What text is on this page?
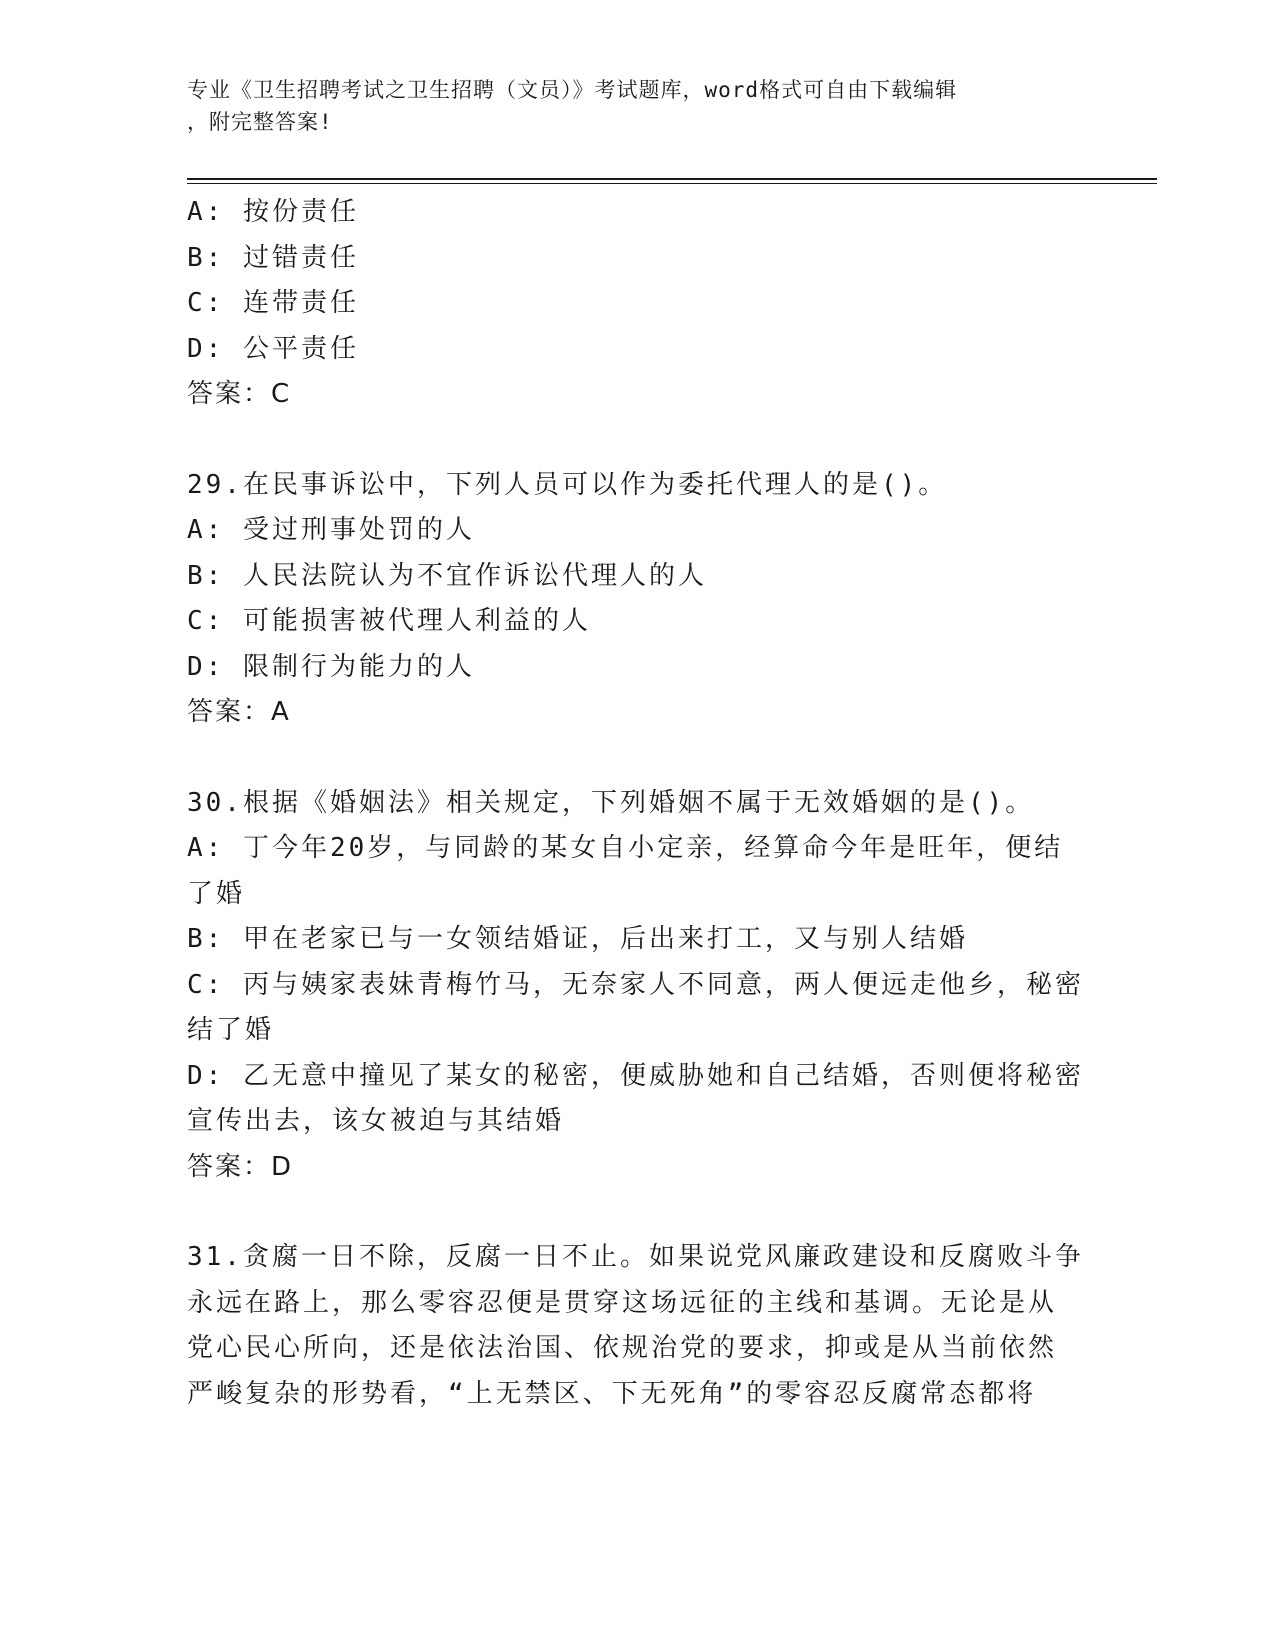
专业《卫生招聘考试之卫生招聘（文员）》考试题库，word格式可自由下载编辑
，附完整答案!
A: 按份责任
B: 过错责任
C: 连带责任
D: 公平责任
答案：C
29.在民事诉讼中，下列人员可以作为委托代理人的是()。
A: 受过刑事处罚的人
B: 人民法院认为不宜作诉讼代理人的人
C: 可能损害被代理人利益的人
D: 限制行为能力的人
答案：A
30.根据《婚姻法》相关规定，下列婚姻不属于无效婚姻的是()。
A: 丁今年20岁，与同龄的某女自小定亲，经算命今年是旺年，便结
了婚
B: 甲在老家已与一女领结婚证，后出来打工，又与别人结婚
C: 丙与姨家表妹青梅竹马，无奈家人不同意，两人便远走他乡，秘密
结了婚
D: 乙无意中撞见了某女的秘密，便威胁她和自己结婚，否则便将秘密
宣传出去，该女被迫与其结婚
答案：D
31.贪腐一日不除，反腐一日不止。如果说党风廉政建设和反腐败斗争
永远在路上，那么零容忍便是贯穿这场远征的主线和基调。无论是从
党心民心所向，还是依法治国、依规治党的要求，抑或是从当前依然
严峻复杂的形势看，“上无禁区、下无死角”的零容忍反腐常态都将
